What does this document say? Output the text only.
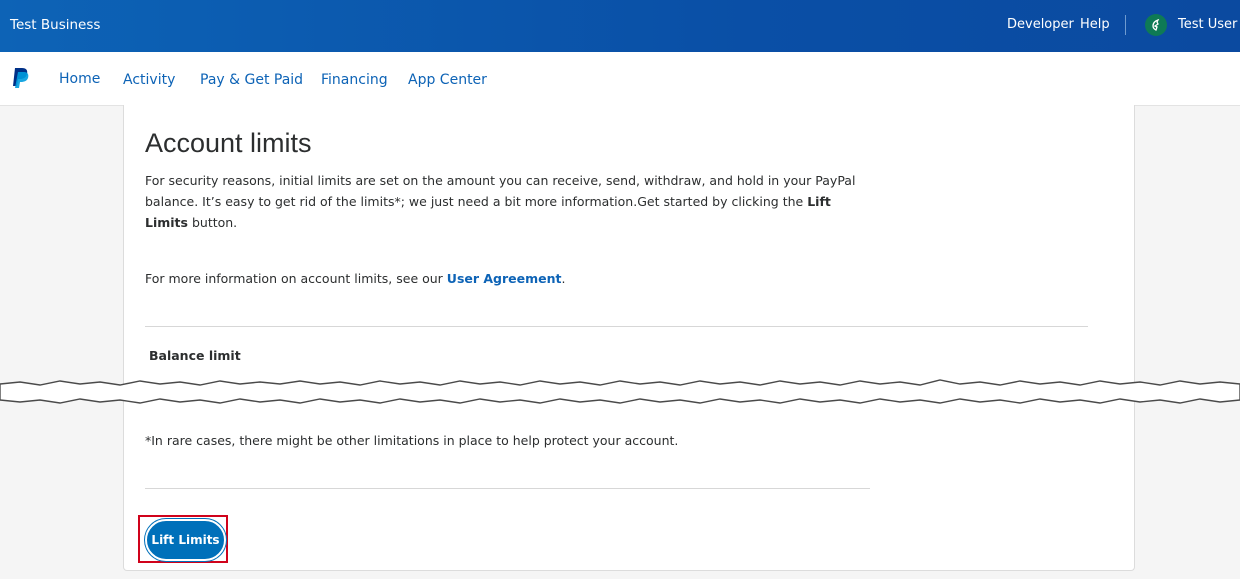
Test Business	Developer Help	Test User
Home Activity Pay & Get Paid Financing App Center
Account limits
For security reasons, initial limits are set on the amount you can receive, send, withdraw, and hold in your PayPal balance. It’s easy to get rid of the limits*; we just need a bit more information.Get started by clicking the Lift Limits button.
For more information on account limits, see our User Agreement.
Balance limit
*In rare cases, there might be other limitations in place to help protect your account.
Lift Limits
